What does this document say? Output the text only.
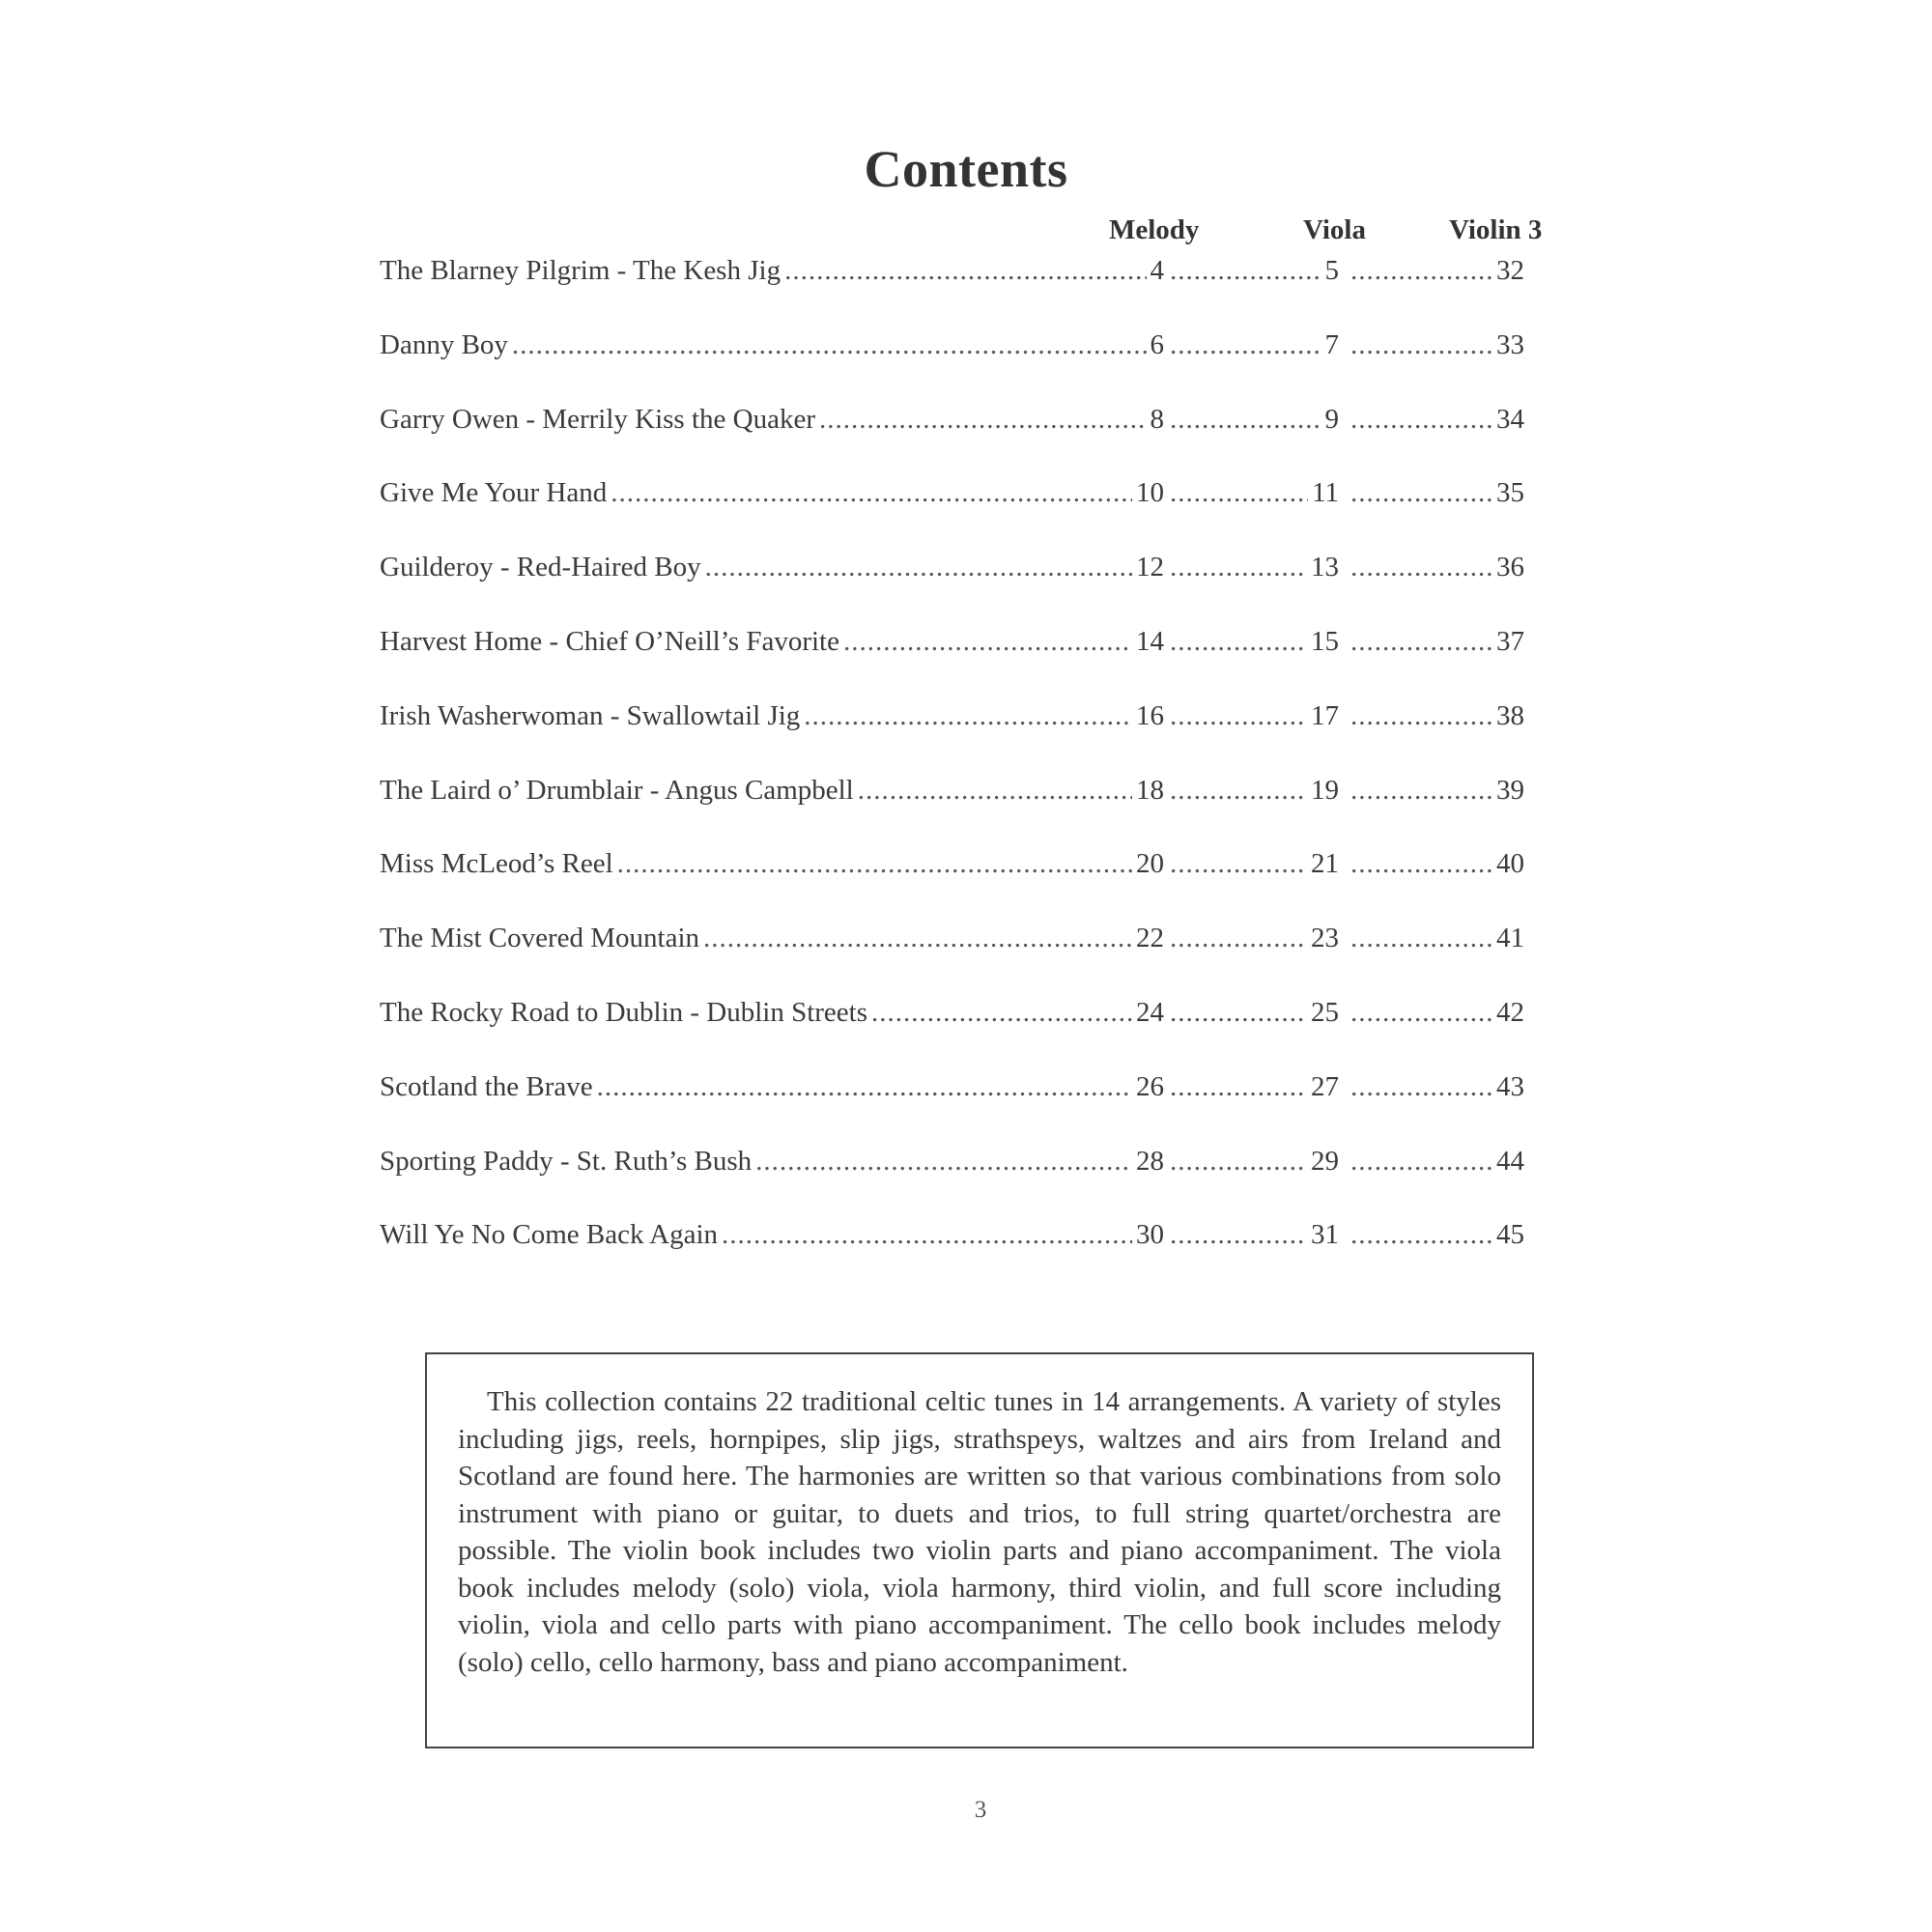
Contents
Melody	Viola	Violin 3
The Blarney Pilgrim - The Kesh Jig .....	4 .....	5 .....	32
Danny Boy .....	6 .....	7 .....	33
Garry Owen - Merrily Kiss the Quaker .....	8 .....	9 .....	34
Give Me Your Hand .....	10 .....	11 .....	35
Guilderoy - Red-Haired Boy .....	12 .....	13 .....	36
Harvest Home - Chief O’Neill’s Favorite .....	14 .....	15 .....	37
Irish Washerwoman - Swallowtail Jig .....	16 .....	17 .....	38
The Laird o’ Drumblair - Angus Campbell .....	18 .....	19 .....	39
Miss McLeod’s Reel .....	20 .....	21 .....	40
The Mist Covered Mountain .....	22 .....	23 .....	41
The Rocky Road to Dublin - Dublin Streets .....	24 .....	25 .....	42
Scotland the Brave .....	26 .....	27 .....	43
Sporting Paddy - St. Ruth’s Bush .....	28 .....	29 .....	44
Will Ye No Come Back Again .....	30 .....	31 .....	45

This collection contains 22 traditional celtic tunes in 14 arrangements. A variety of styles including jigs, reels, hornpipes, slip jigs, strathspeys, waltzes and airs from Ireland and Scotland are found here. The harmonies are written so that various combinations from solo instrument with piano or guitar, to duets and trios, to full string quartet/orchestra are possible. The violin book includes two violin parts and piano accompaniment. The viola book includes melody (solo) viola, viola harmony, third violin, and full score including violin, viola and cello parts with piano accompaniment. The cello book includes melody (solo) cello, cello harmony, bass and piano accompaniment.

3
